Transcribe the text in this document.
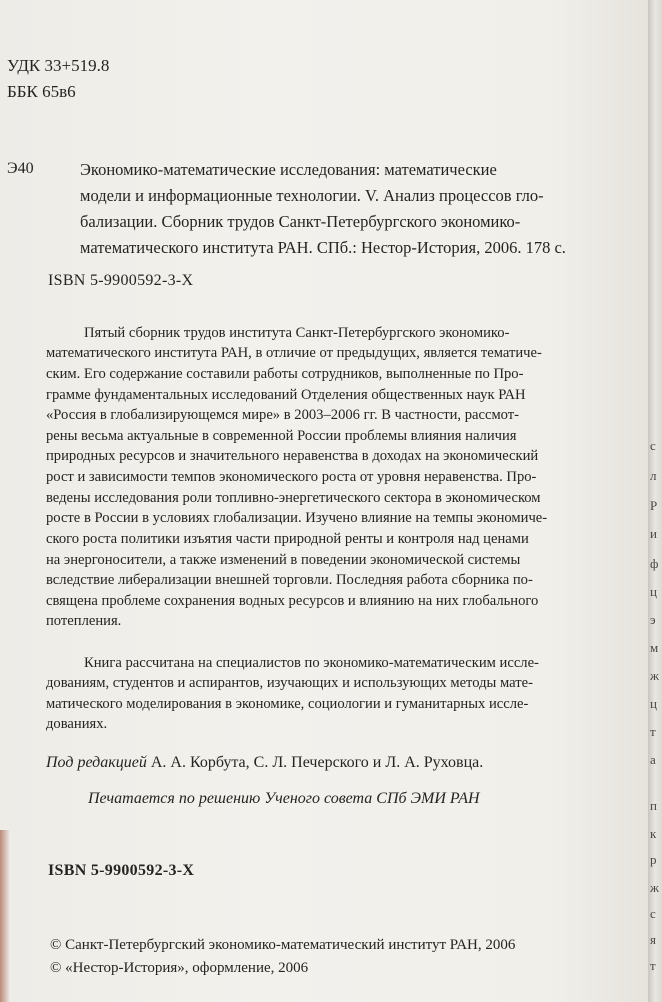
УДК 33+519.8
ББК 65в6
Э40	Экономико-математические исследования: математические
модели и информационные технологии. V. Анализ процессов гло-
бализации. Сборник трудов Санкт-Петербургского экономико-
математического института РАН. СПб.: Нестор-История, 2006. 178 с.
ISBN 5-9900592-3-X
Пятый сборник трудов института Санкт-Петербургского экономико-
математического института РАН, в отличие от предыдущих, является тематиче-
ским. Его содержание составили работы сотрудников, выполненные по Про-
грамме фундаментальных исследований Отделения общественных наук РАН
«Россия в глобализирующемся мире» в 2003–2006 гг. В частности, рассмот-
рены весьма актуальные в современной России проблемы влияния наличия
природных ресурсов и значительного неравенства в доходах на экономический
рост и зависимости темпов экономического роста от уровня неравенства. Про-
ведены исследования роли топливно-энергетического сектора в экономическом
росте в России в условиях глобализации. Изучено влияние на темпы экономиче-
ского роста политики изъятия части природной ренты и контроля над ценами
на энергоносители, а также изменений в поведении экономической системы
вследствие либерализации внешней торговли. Последняя работа сборника по-
священа проблеме сохранения водных ресурсов и влиянию на них глобального
потепления.
Книга рассчитана на специалистов по экономико-математическим иссле-
дованиям, студентов и аспирантов, изучающих и использующих методы мате-
матического моделирования в экономике, социологии и гуманитарных иссле-
дованиях.
Под редакцией А. А. Корбута, С. Л. Печерского и Л. А. Руховца.
Печатается по решению Ученого совета СПб ЭМИ РАН
ISBN 5-9900592-3-X
© Санкт-Петербургский экономико-математический институт РАН, 2006
© «Нестор-История», оформление, 2006
с
л
Р
и
ф
ц
э
м
ж
ц
т
а
п
к
р
ж
с
я
т
